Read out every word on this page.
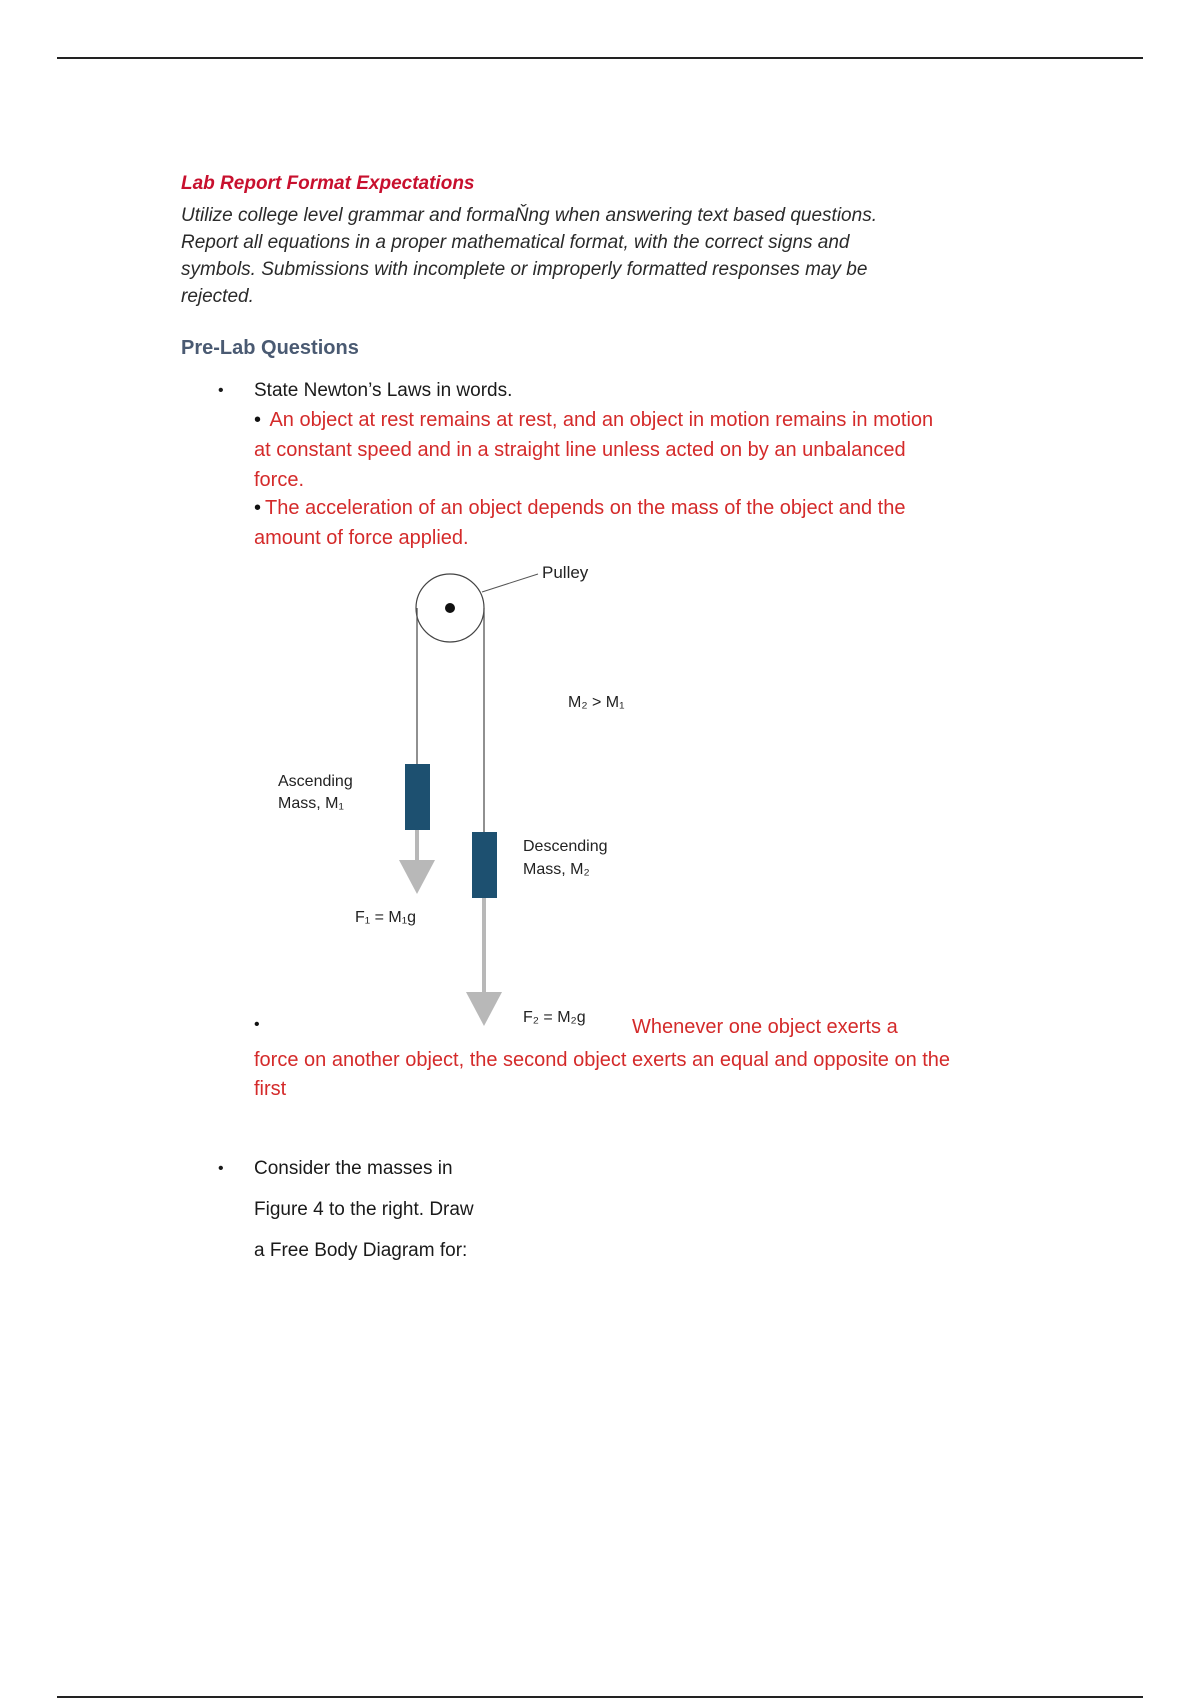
Lab Report Format Expectations

Utilize college level grammar and formaŇng when answering text based questions. Report all equations in a proper mathematical format, with the correct signs and symbols. Submissions with incomplete or improperly formatted responses may be rejected.

Pre-Lab Questions
• State Newton’s Laws in words.

• An object at rest remains at rest, and an object in motion remains in motion at constant speed and in a straight line unless acted on by an unbalanced force.

• The acceleration of an object depends on the mass of the object and the amount of force applied.

Pulley
M₂ > M₁
Ascending
Mass, M₁
F₁ = M₁g
Descending
Mass, M₂
F₂ = M₂g
•	Whenever one object exerts a

force on another object, the second object exerts an equal and opposite on the first

• Consider the masses in

Figure 4 to the right. Draw

a Free Body Diagram for:
